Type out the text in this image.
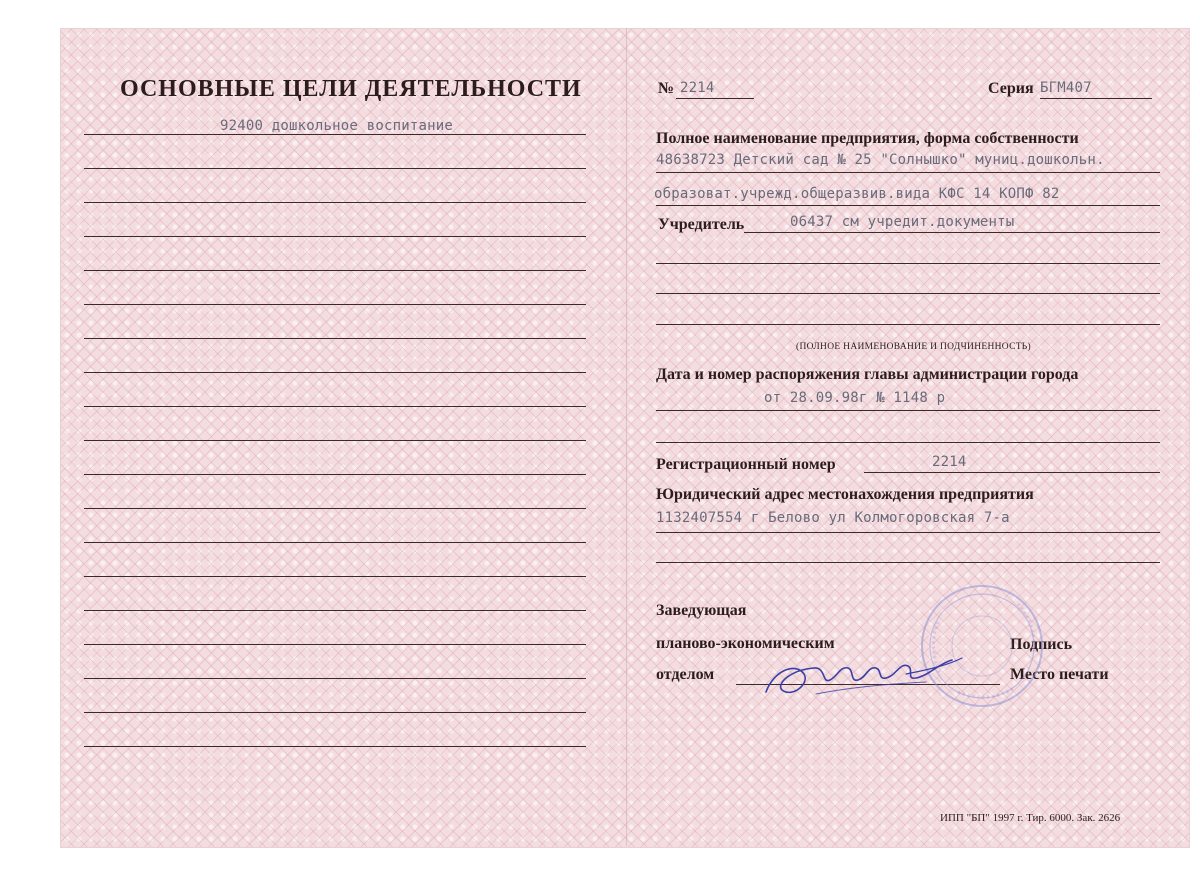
ОСНОВНЫЕ ЦЕЛИ ДЕЯТЕЛЬНОСТИ
92400 дошкольное воспитание
№ 2214	Серия БГМ407
Полное наименование предприятия, форма собственности
48638723 Детский сад № 25 "Солнышко" муниц.дошкольн.
образоват.учрежд.общеразвив.вида КФС 14 КОПФ 82
Учредитель	06437 см учредит.документы
(ПОЛНОЕ НАИМЕНОВАНИЕ И ПОДЧИНЕННОСТЬ)
Дата и номер распоряжения главы администрации города
от 28.09.98г № 1148 р
Регистрационный номер	2214
Юридический адрес местонахождения предприятия
1132407554 г Белово ул Колмогоровская 7-а
Заведующая
планово-экономическим
отделом
Подпись
Место печати
ИПП "БП" 1997 г. Тир. 6000. Зак. 2626
